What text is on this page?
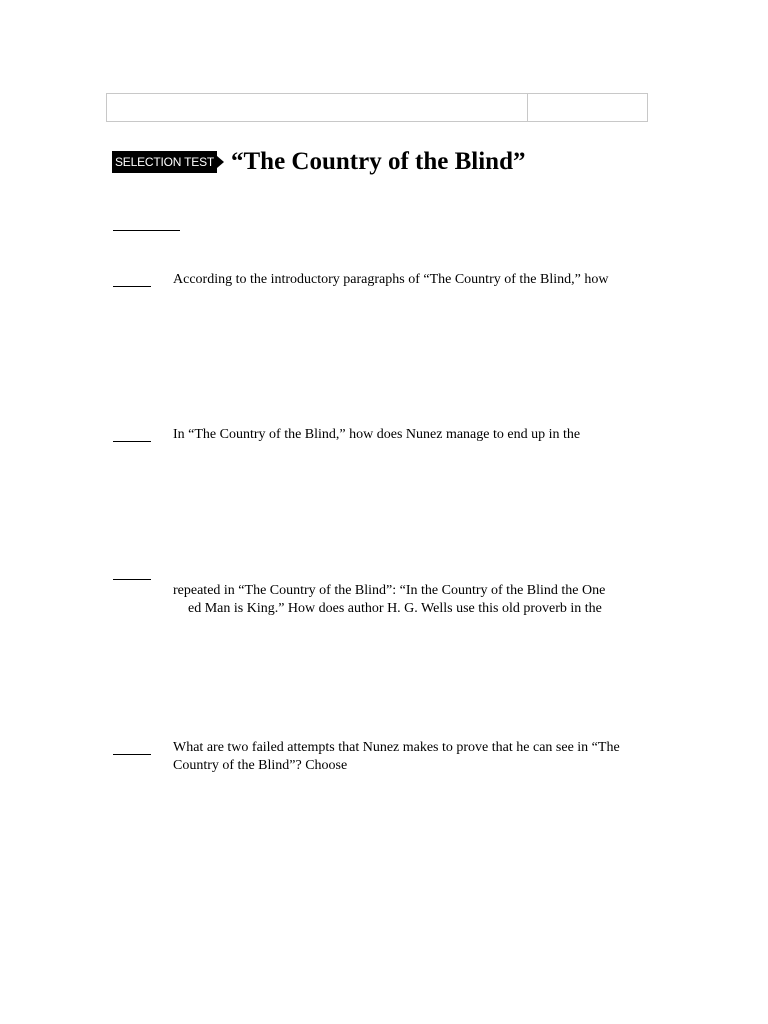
SELECTION TEST “The Country of the Blind”

According to the introductory paragraphs of “The Country of the Blind,” how

In “The Country of the Blind,” how does Nunez manage to end up in the

repeated in “The Country of the Blind”: “In the Country of the Blind the One
ed Man is King.” How does author H. G. Wells use this old proverb in the

What are two failed attempts that Nunez makes to prove that he can see in “The
Country of the Blind”? Choose
